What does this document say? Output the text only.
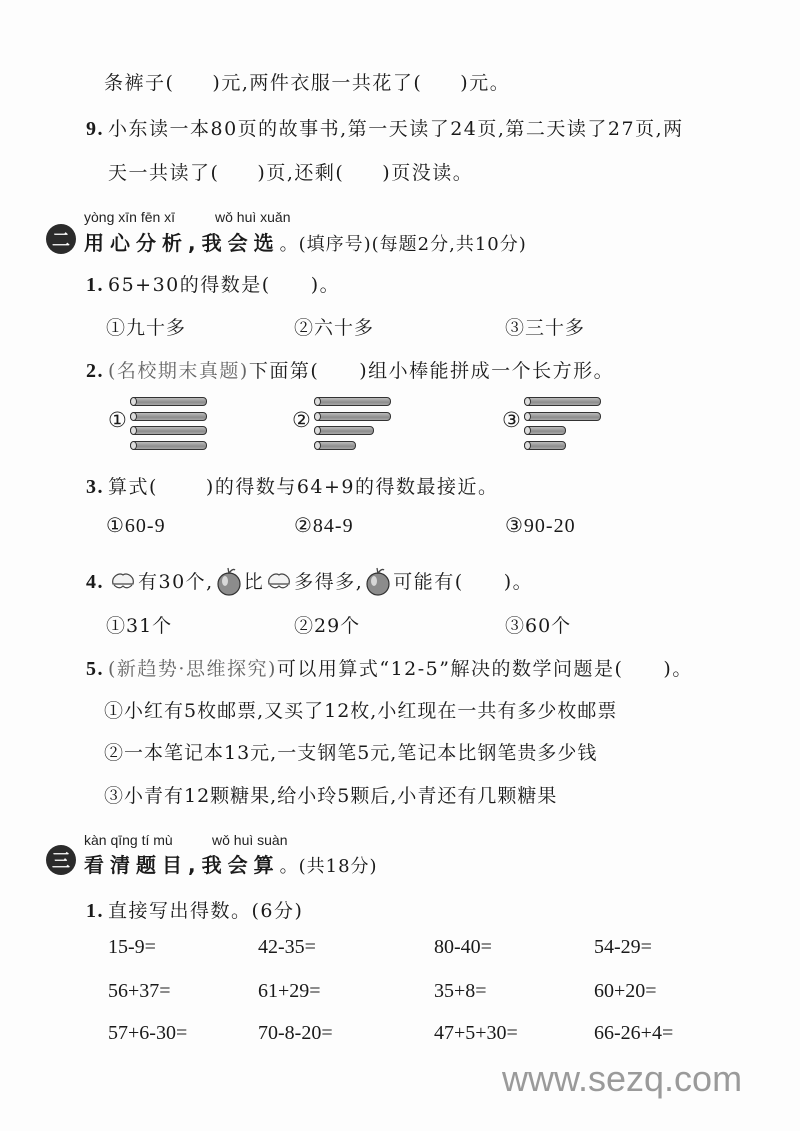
条裤子( )元,两件衣服一共花了( )元。
9. 小东读一本80页的故事书,第一天读了24页,第二天读了27页,两
天一共读了( )页,还剩( )页没读。
二
yòng xīn fēn xī	wǒ huì xuǎn
用心分析,我会选。(填序号)(每题2分,共10分)
1. 65+30的得数是( )。
①九十多	②六十多	③三十多
2. (名校期末真题)下面第( )组小棒能拼成一个长方形。
①	②	③
3. 算式(	)的得数与64+9的得数最接近。
①60-9	②84-9	③90-20
4. 有30个, 比 多得多, 可能有( )。
①31个	②29个	③60个
5. (新趋势·思维探究)可以用算式“12-5”解决的数学问题是( )。
①小红有5枚邮票,又买了12枚,小红现在一共有多少枚邮票
②一本笔记本13元,一支钢笔5元,笔记本比钢笔贵多少钱
③小青有12颗糖果,给小玲5颗后,小青还有几颗糖果
三
kàn qīng tí mù	wǒ huì suàn
看清题目,我会算。(共18分)
1. 直接写出得数。(6分)
15-9=	42-35=	80-40=	54-29=
56+37=	61+29=	35+8=	60+20=
57+6-30=	70-8-20=	47+5+30=	66-26+4=
www.sezq.com
